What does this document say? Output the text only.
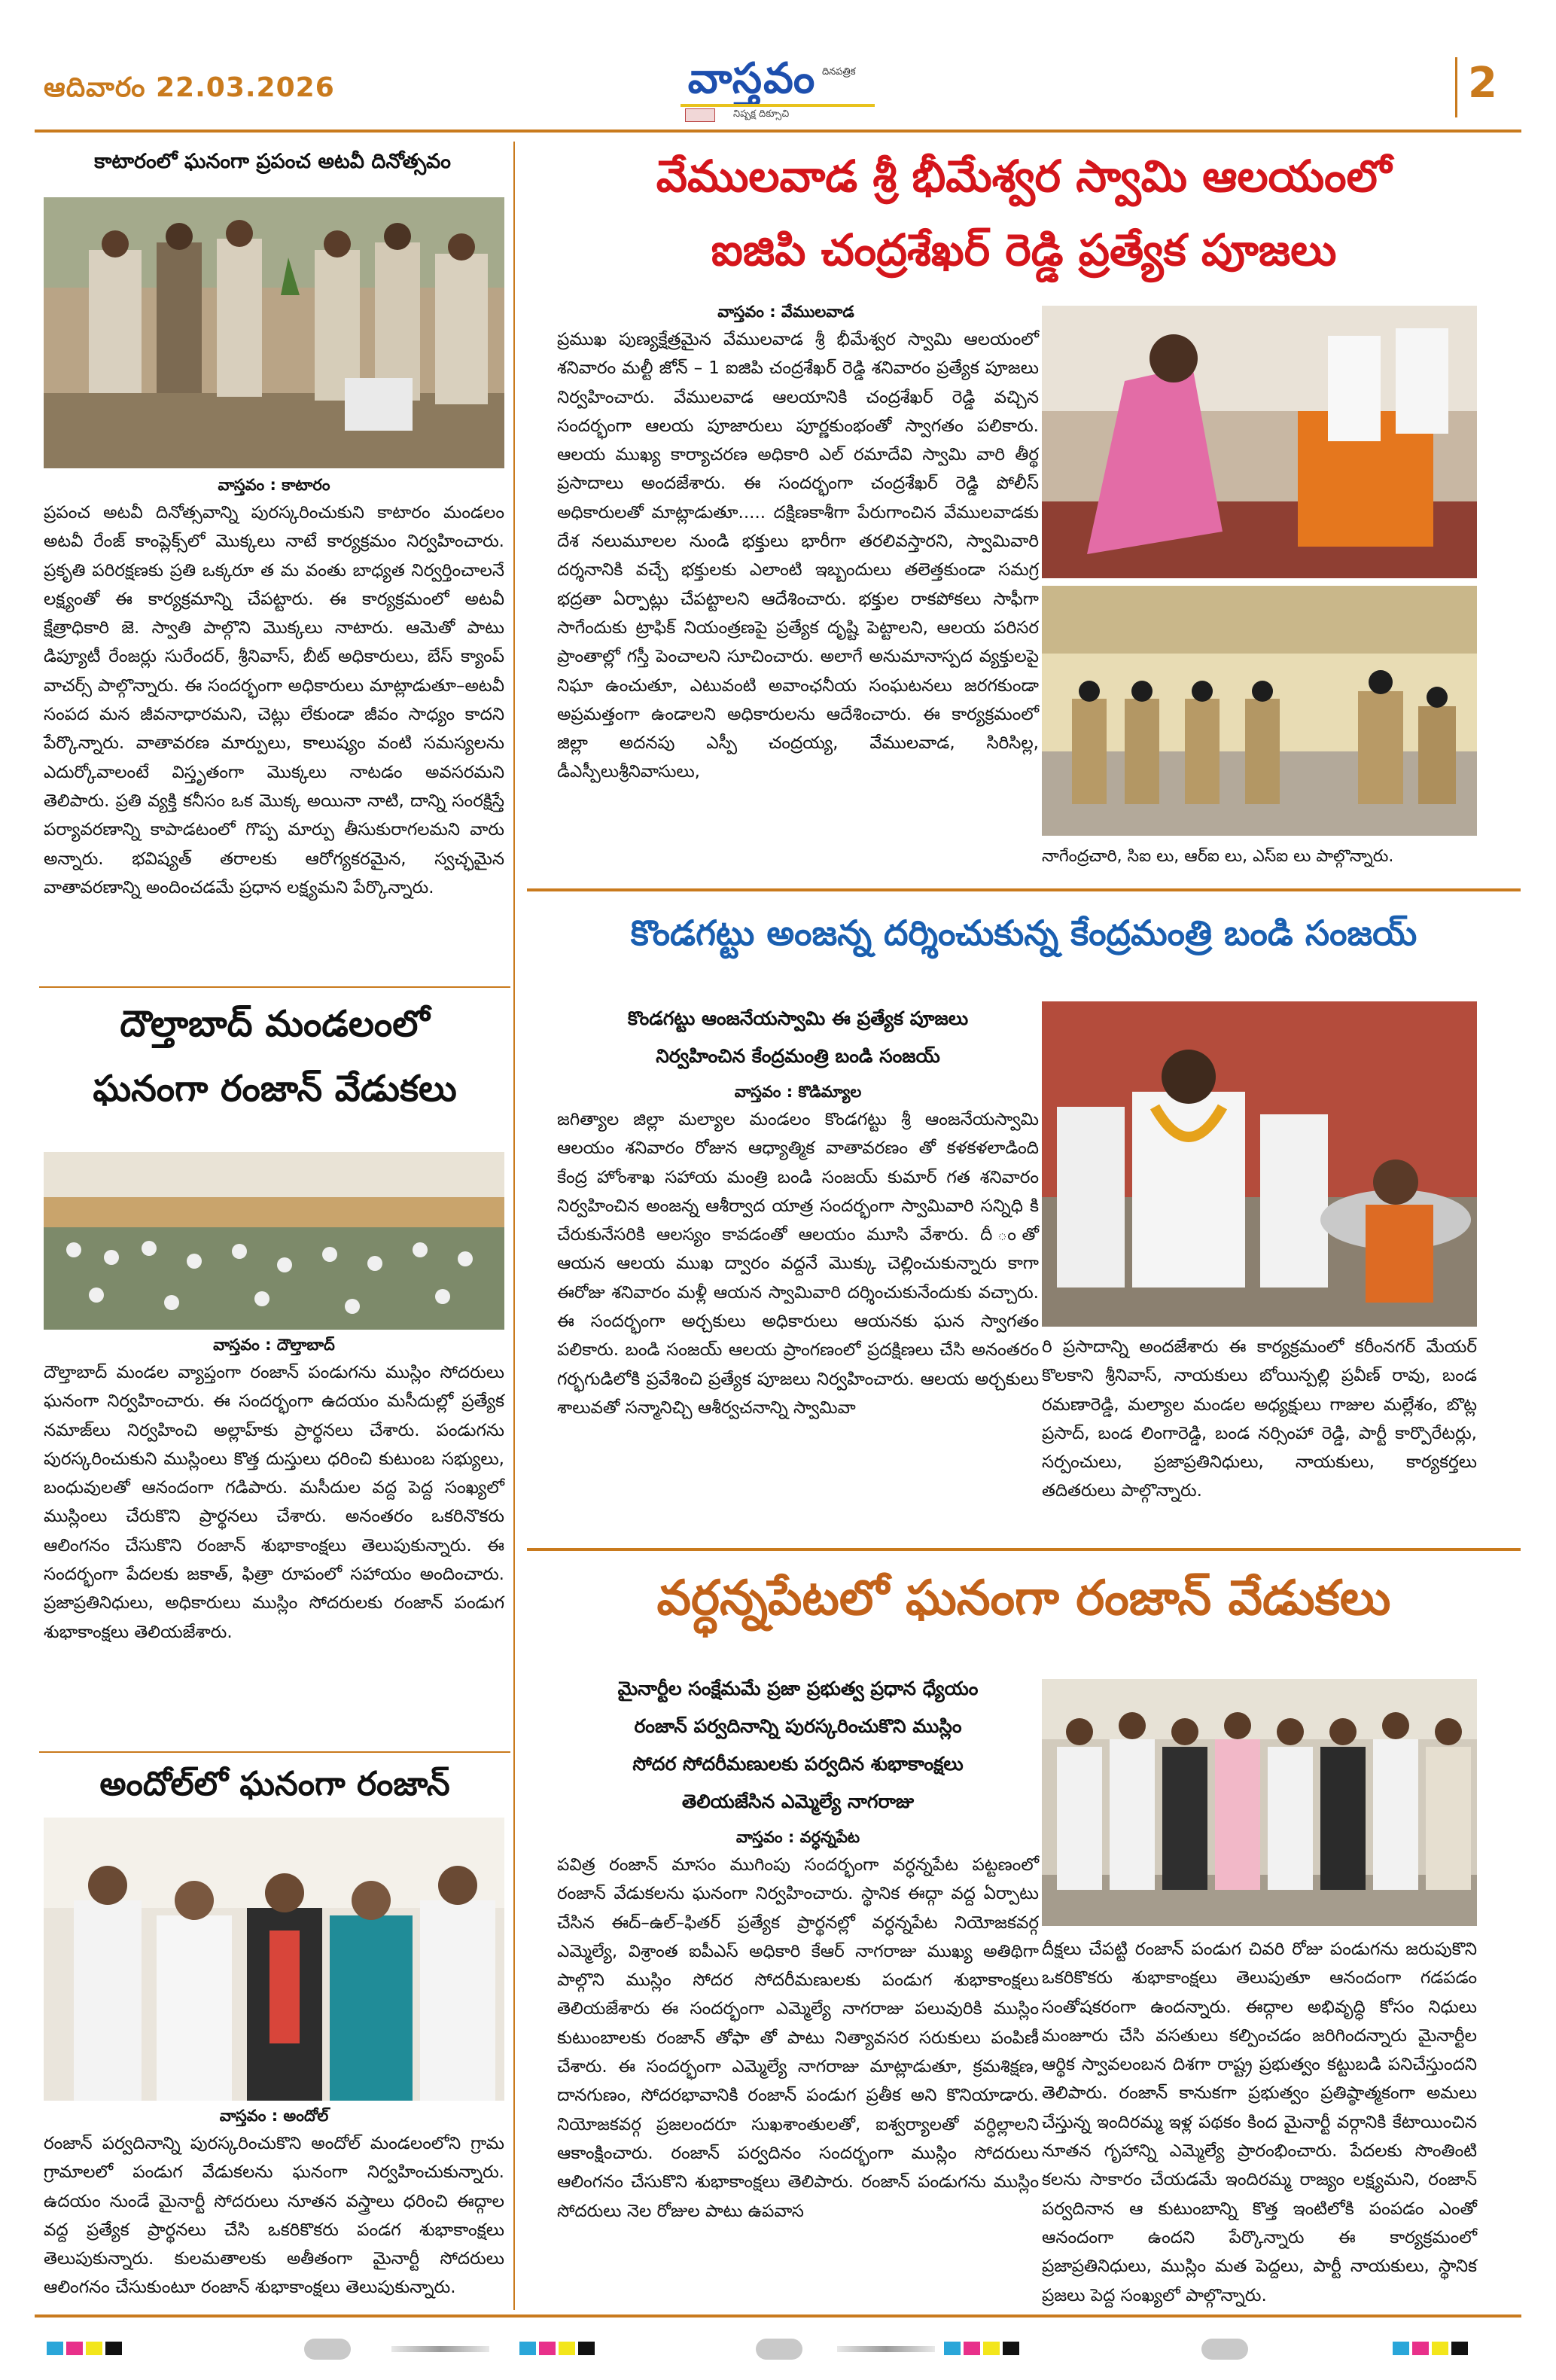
ఆదివారం 22.03.2026	వాస్తవం దినపత్రిక
నిష్పక్ష దిక్సూచి
2
కాటారంలో ఘనంగా ప్రపంచ అటవీ దినోత్సవం
వాస్తవం : కాటారం
ప్రపంచ అటవీ దినోత్సవాన్ని పురస్కరించుకుని కాటారం మండలం అటవీ రేంజ్ కాంప్లెక్స్‌లో మొక్కలు నాటే కార్యక్రమం నిర్వహించారు. ప్రకృతి పరిరక్షణకు ప్రతి ఒక్కరూ త మ వంతు బాధ్యత నిర్వర్తించాలనే లక్ష్యంతో ఈ కార్యక్రమాన్ని చేపట్టారు. ఈ కార్యక్రమంలో అటవీ క్షేత్రాధికారి జె. స్వాతి పాల్గొని మొక్కలు నాటారు. ఆమెతో పాటు డిప్యూటీ రేంజర్లు సురేందర్, శ్రీనివాస్, బీట్ అధికారులు, బేస్ క్యాంప్ వాచర్స్ పాల్గొన్నారు. ఈ సందర్భంగా అధికారులు మాట్లాడుతూ–అటవీ సంపద మన జీవనాధారమని, చెట్లు లేకుండా జీవం సాధ్యం కాదని పేర్కొన్నారు. వాతావరణ మార్పులు, కాలుష్యం వంటి సమస్యలను ఎదుర్కోవాలంటే విస్తృతంగా మొక్కలు నాటడం అవసరమని తెలిపారు. ప్రతి వ్యక్తి కనీసం ఒక మొక్క అయినా నాటి, దాన్ని సంరక్షిస్తే పర్యావరణాన్ని కాపాడటంలో గొప్ప మార్పు తీసుకురాగలమని వారు అన్నారు. భవిష్యత్ తరాలకు ఆరోగ్యకరమైన, స్వచ్ఛమైన వాతావరణాన్ని అందించడమే ప్రధాన లక్ష్యమని పేర్కొన్నారు.
దౌల్తాబాద్ మండలంలో
ఘనంగా రంజాన్ వేడుకలు
వాస్తవం : దౌల్తాబాద్
దౌల్తాబాద్ మండల వ్యాప్తంగా రంజాన్ పండుగను ముస్లిం సోదరులు ఘనంగా నిర్వహించారు. ఈ సందర్భంగా ఉదయం మసీదుల్లో ప్రత్యేక నమాజ్‌లు నిర్వహించి అల్లాహ్‌కు ప్రార్థనలు చేశారు. పండుగను పురస్కరించుకుని ముస్లింలు కొత్త దుస్తులు ధరించి కుటుంబ సభ్యులు, బంధువులతో ఆనందంగా గడిపారు. మసీదుల వద్ద పెద్ద సంఖ్యలో ముస్లింలు చేరుకొని ప్రార్థనలు చేశారు. అనంతరం ఒకరినొకరు ఆలింగనం చేసుకొని రంజాన్ శుభాకాంక్షలు తెలుపుకున్నారు. ఈ సందర్భంగా పేదలకు జకాత్, ఫిత్రా రూపంలో సహాయం అందించారు. ప్రజాప్రతినిధులు, అధికారులు ముస్లిం సోదరులకు రంజాన్ పండుగ శుభాకాంక్షలు తెలియజేశారు.
అందోల్‌లో ఘనంగా రంజాన్
వాస్తవం : అందోల్
రంజాన్ పర్వదినాన్ని పురస్కరించుకొని అందోల్ మండలంలోని గ్రామ గ్రామాలలో పండుగ వేడుకలను ఘనంగా నిర్వహించుకున్నారు. ఉదయం నుండే మైనార్టీ సోదరులు నూతన వస్త్రాలు ధరించి ఈద్గాల వద్ద ప్రత్యేక ప్రార్థనలు చేసి ఒకరికొకరు పండగ శుభాకాంక్షలు తెలుపుకున్నారు. కులమతాలకు అతీతంగా మైనార్టీ సోదరులు ఆలింగనం చేసుకుంటూ రంజాన్ శుభాకాంక్షలు తెలుపుకున్నారు.
వేములవాడ శ్రీ భీమేశ్వర స్వామి ఆలయంలో
ఐజిపి చంద్రశేఖర్ రెడ్డి ప్రత్యేక పూజలు
వాస్తవం : వేములవాడ
ప్రముఖ పుణ్యక్షేత్రమైన వేములవాడ శ్రీ భీమేశ్వర స్వామి ఆలయంలో శనివారం మల్టీ జోన్ – 1 ఐజిపి చంద్రశేఖర్ రెడ్డి శనివారం ప్రత్యేక పూజలు నిర్వహించారు. వేములవాడ ఆలయానికి చంద్రశేఖర్ రెడ్డి వచ్చిన సందర్భంగా ఆలయ పూజారులు పూర్ణకుంభంతో స్వాగతం పలికారు. ఆలయ ముఖ్య కార్యాచరణ అధికారి ఎల్ రమాదేవి స్వామి వారి తీర్థ ప్రసాదాలు అందజేశారు. ఈ సందర్భంగా చంద్రశేఖర్ రెడ్డి పోలీస్ అధికారులతో మాట్లాడుతూ..... దక్షిణకాశీగా పేరుగాంచిన వేములవాడకు దేశ నలుమూలల నుండి భక్తులు భారీగా తరలివస్తారని, స్వామివారి దర్శనానికి వచ్చే భక్తులకు ఎలాంటి ఇబ్బందులు తలెత్తకుండా సమగ్ర భద్రతా ఏర్పాట్లు చేపట్టాలని ఆదేశించారు. భక్తుల రాకపోకలు సాఫీగా సాగేందుకు ట్రాఫిక్ నియంత్రణపై ప్రత్యేక దృష్టి పెట్టాలని, ఆలయ పరిసర ప్రాంతాల్లో గస్తీ పెంచాలని సూచించారు. అలాగే అనుమానాస్పద వ్యక్తులపై నిఘా ఉంచుతూ, ఎటువంటి అవాంఛనీయ సంఘటనలు జరగకుండా అప్రమత్తంగా ఉండాలని అధికారులను ఆదేశించారు. ఈ కార్యక్రమంలో జిల్లా అదనపు ఎస్పీ చంద్రయ్య, వేములవాడ, సిరిసిల్ల, డీఎస్పీలుశ్రీనివాసులు,
నాగేంద్రచారి, సిఐ లు, ఆర్ఐ లు, ఎస్ఐ లు పాల్గొన్నారు.
కొండగట్టు అంజన్న దర్శించుకున్న కేంద్రమంత్రి బండి సంజయ్
కొండగట్టు ఆంజనేయస్వామి ఈ ప్రత్యేక పూజలు
నిర్వహించిన కేంద్రమంత్రి బండి సంజయ్
వాస్తవం : కొడిమ్యాల
జగిత్యాల జిల్లా మల్యాల మండలం కొండగట్టు శ్రీ ఆంజనేయస్వామి ఆలయం శనివారం రోజున ఆధ్యాత్మిక వాతావరణం తో కళకళలాడింది కేంద్ర హోంశాఖ సహాయ మంత్రి బండి సంజయ్ కుమార్ గత శనివారం నిర్వహించిన అంజన్న ఆశీర్వాద యాత్ర సందర్భంగా స్వామివారి సన్నిధి కి చేరుకునేసరికి ఆలస్యం కావడంతో ఆలయం మూసి వేశారు. దీ ంతో ఆయన ఆలయ ముఖ ద్వారం వద్దనే మొక్కు చెల్లించుకున్నారు కాగా ఈరోజు శనివారం మళ్లీ ఆయన స్వామివారి దర్శించుకునేందుకు వచ్చారు. ఈ సందర్భంగా అర్చకులు అధికారులు ఆయనకు ఘన స్వాగతం పలికారు. బండి సంజయ్ ఆలయ ప్రాంగణంలో ప్రదక్షిణలు చేసి అనంతరం గర్భగుడిలోకి ప్రవేశించి ప్రత్యేక పూజలు నిర్వహించారు. ఆలయ అర్చకులు శాలువతో సన్మానిచ్చి ఆశీర్వచనాన్ని స్వామివా
రి ప్రసాదాన్ని అందజేశారు ఈ కార్యక్రమంలో కరీంనగర్ మేయర్ కొలకాని శ్రీనివాస్, నాయకులు బోయిన్పల్లి ప్రవీణ్ రావు, బండ రమణారెడ్డి, మల్యాల మండల అధ్యక్షులు గాజుల మల్లేశం, బొట్ల ప్రసాద్, బండ లింగారెడ్డి, బండ నర్సింహా రెడ్డి, పార్టీ కార్పొరేటర్లు, సర్పంచులు, ప్రజాప్రతినిధులు, నాయకులు, కార్యకర్తలు తదితరులు పాల్గొన్నారు.
వర్ధన్నపేటలో ఘనంగా రంజాన్ వేడుకలు
మైనార్టీల సంక్షేమమే ప్రజా ప్రభుత్వ ప్రధాన ధ్యేయం
రంజాన్ పర్వదినాన్ని పురస్కరించుకొని ముస్లిం
సోదర సోదరీమణులకు పర్వదిన శుభాకాంక్షలు
తెలియజేసిన ఎమ్మెల్యే నాగరాజు
వాస్తవం : వర్ధన్నపేట
పవిత్ర రంజాన్ మాసం ముగింపు సందర్భంగా వర్ధన్నపేట పట్టణంలో రంజాన్ వేడుకలను ఘనంగా నిర్వహించారు. స్థానిక ఈద్గా వద్ద ఏర్పాటు చేసిన ఈద్–ఉల్–ఫితర్ ప్రత్యేక ప్రార్థనల్లో వర్ధన్నపేట నియోజకవర్గ ఎమ్మెల్యే, విశ్రాంత ఐపీఎస్ అధికారి కేఆర్ నాగరాజు ముఖ్య అతిథిగా పాల్గొని ముస్లిం సోదర సోదరీమణులకు పండుగ శుభాకాంక్షలు తెలియజేశారు ఈ సందర్భంగా ఎమ్మెల్యే నాగరాజు పలువురికి ముస్లిం కుటుంబాలకు రంజాన్ తోఫా తో పాటు నిత్యావసర సరుకులు పంపిణీ చేశారు. ఈ సందర్భంగా ఎమ్మెల్యే నాగరాజు మాట్లాడుతూ, క్రమశిక్షణ, దానగుణం, సోదరభావానికి రంజాన్ పండుగ ప్రతీక అని కొనియాడారు. నియోజకవర్గ ప్రజలందరూ సుఖశాంతులతో, ఐశ్వర్యాలతో వర్ధిల్లాలని ఆకాంక్షించారు. రంజాన్ పర్వదినం సందర్భంగా ముస్లిం సోదరులు ఆలింగనం చేసుకొని శుభాకాంక్షలు తెలిపారు. రంజాన్ పండుగను ముస్లిం సోదరులు నెల రోజుల పాటు ఉపవాస
దీక్షలు చేపట్టి రంజాన్ పండుగ చివరి రోజు పండుగను జరుపుకొని ఒకరికొకరు శుభాకాంక్షలు తెలుపుతూ ఆనందంగా గడపడం సంతోషకరంగా ఉందన్నారు. ఈద్గాల అభివృద్ధి కోసం నిధులు మంజూరు చేసి వసతులు కల్పించడం జరిగిందన్నారు మైనార్టీల ఆర్థిక స్వావలంబన దిశగా రాష్ట్ర ప్రభుత్వం కట్టుబడి పనిచేస్తుందని తెలిపారు. రంజాన్ కానుకగా ప్రభుత్వం ప్రతిష్ఠాత్మకంగా అమలు చేస్తున్న ఇందిరమ్మ ఇళ్ల పథకం కింద మైనార్టీ వర్గానికి కేటాయించిన నూతన గృహాన్ని ఎమ్మెల్యే ప్రారంభించారు. పేదలకు సొంతింటి కలను సాకారం చేయడమే ఇందిరమ్మ రాజ్యం లక్ష్యమని, రంజాన్ పర్వదినాన ఆ కుటుంబాన్ని కొత్త ఇంటిలోకి పంపడం ఎంతో ఆనందంగా ఉందని పేర్కొన్నారు ఈ కార్యక్రమంలో ప్రజాప్రతినిధులు, ముస్లిం మత పెద్దలు, పార్టీ నాయకులు, స్థానిక ప్రజలు పెద్ద సంఖ్యలో పాల్గొన్నారు.
